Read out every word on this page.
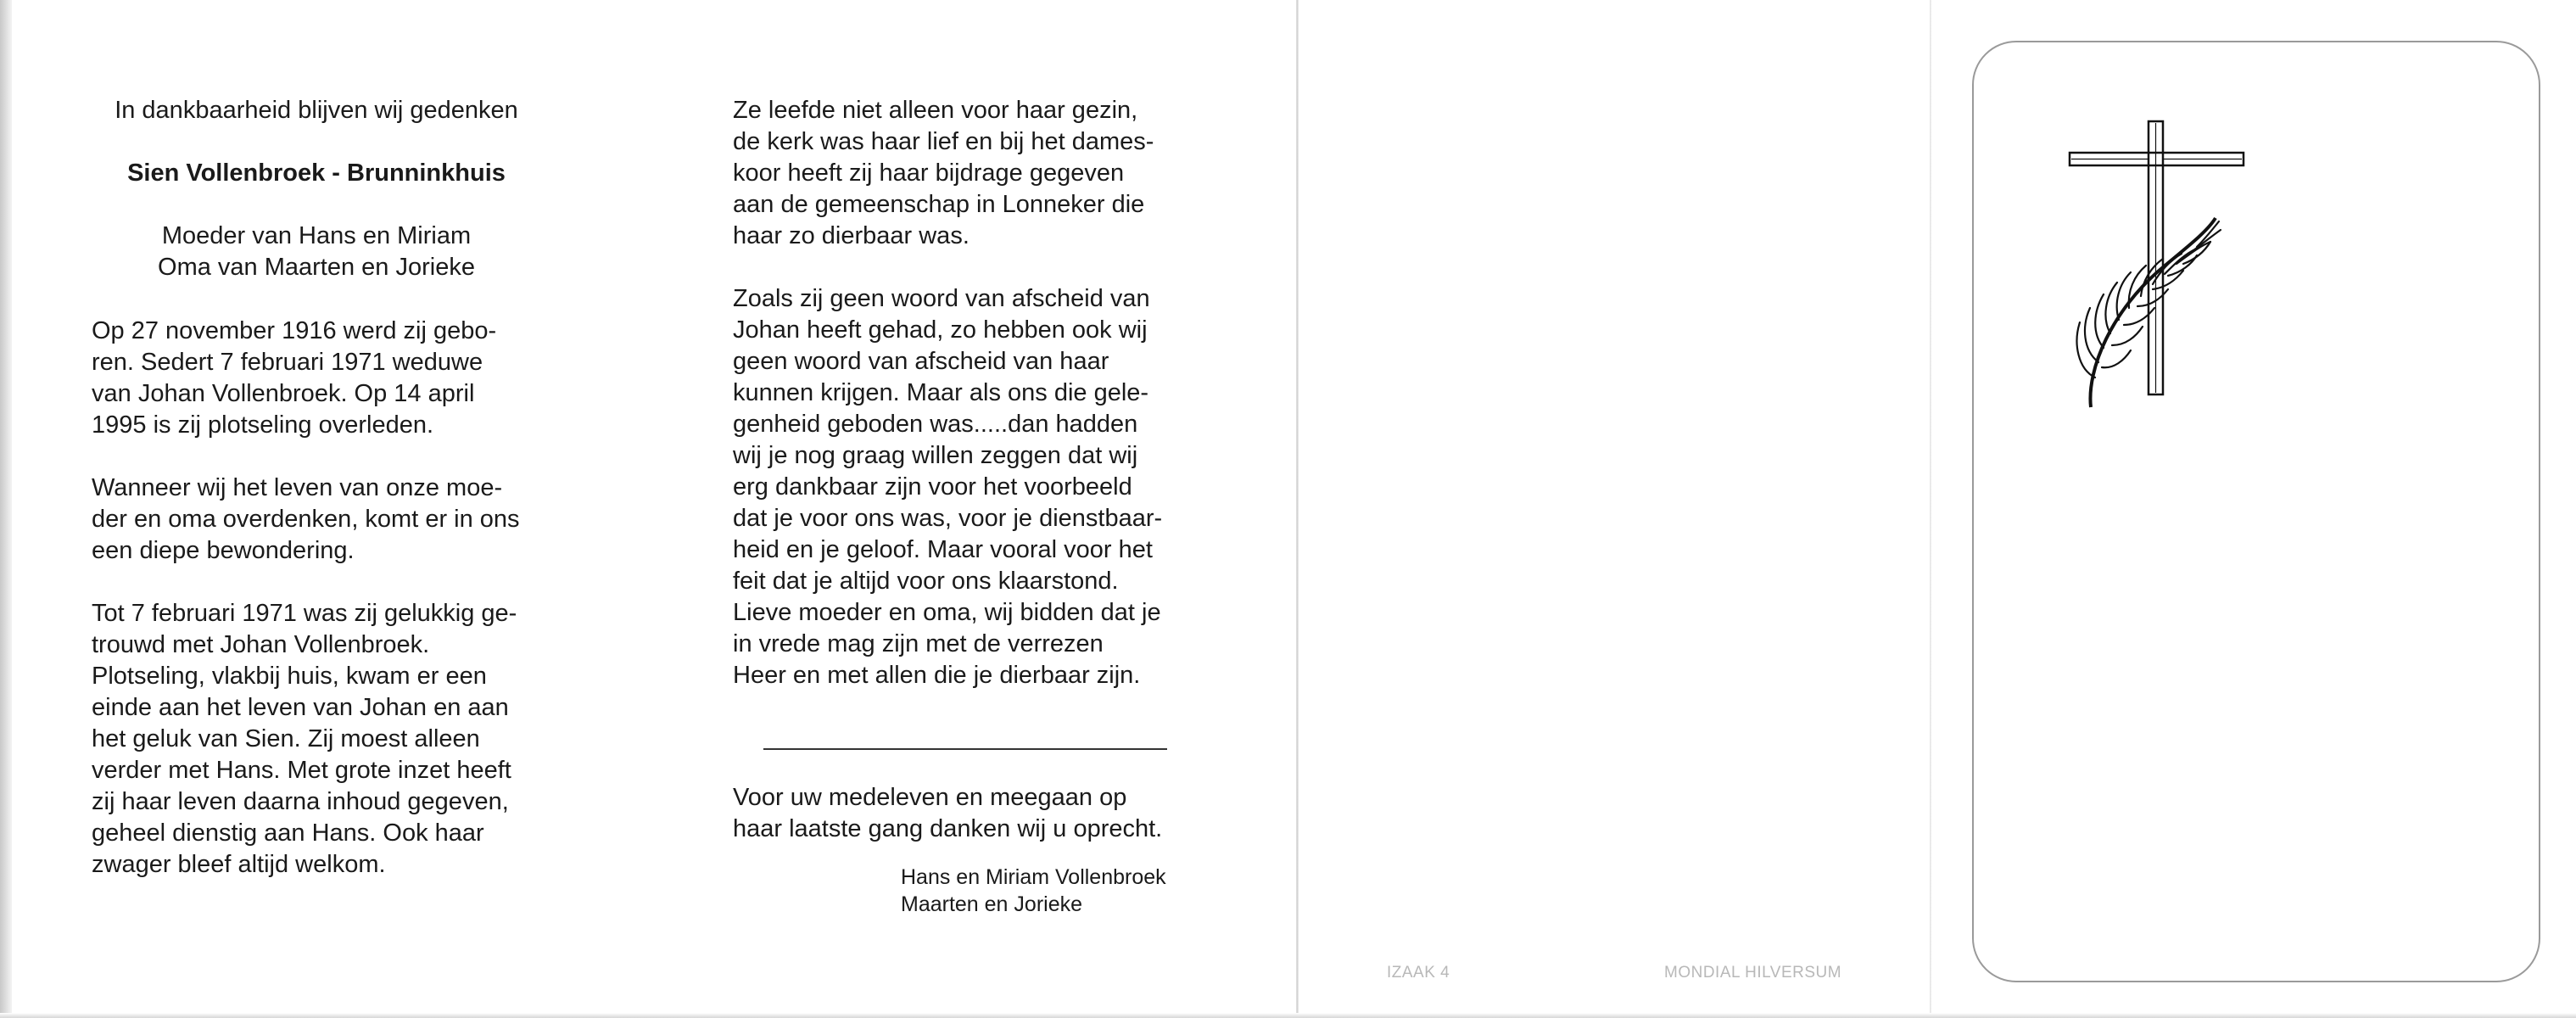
In dankbaarheid blijven wij gedenken
Sien Vollenbroek - Brunninkhuis
Moeder van Hans en Miriam
Oma van Maarten en Jorieke
Op 27 november 1916 werd zij gebo-
ren. Sedert 7 februari 1971 weduwe
van Johan Vollenbroek. Op 14 april
1995 is zij plotseling overleden.
Wanneer wij het leven van onze moe-
der en oma overdenken, komt er in ons
een diepe bewondering.
Tot 7 februari 1971 was zij gelukkig ge-
trouwd met Johan Vollenbroek.
Plotseling, vlakbij huis, kwam er een
einde aan het leven van Johan en aan
het geluk van Sien. Zij moest alleen
verder met Hans. Met grote inzet heeft
zij haar leven daarna inhoud gegeven,
geheel dienstig aan Hans. Ook haar
zwager bleef altijd welkom.
Ze leefde niet alleen voor haar gezin,
de kerk was haar lief en bij het dames-
koor heeft zij haar bijdrage gegeven
aan de gemeenschap in Lonneker die
haar zo dierbaar was.
Zoals zij geen woord van afscheid van
Johan heeft gehad, zo hebben ook wij
geen woord van afscheid van haar
kunnen krijgen. Maar als ons die gele-
genheid geboden was.....dan hadden
wij je nog graag willen zeggen dat wij
erg dankbaar zijn voor het voorbeeld
dat je voor ons was, voor je dienstbaar-
heid en je geloof. Maar vooral voor het
feit dat je altijd voor ons klaarstond.
Lieve moeder en oma, wij bidden dat je
in vrede mag zijn met de verrezen
Heer en met allen die je dierbaar zijn.
Voor uw medeleven en meegaan op
haar laatste gang danken wij u oprecht.
Hans en Miriam Vollenbroek
Maarten en Jorieke
IZAAK 4	MONDIAL HILVERSUM
